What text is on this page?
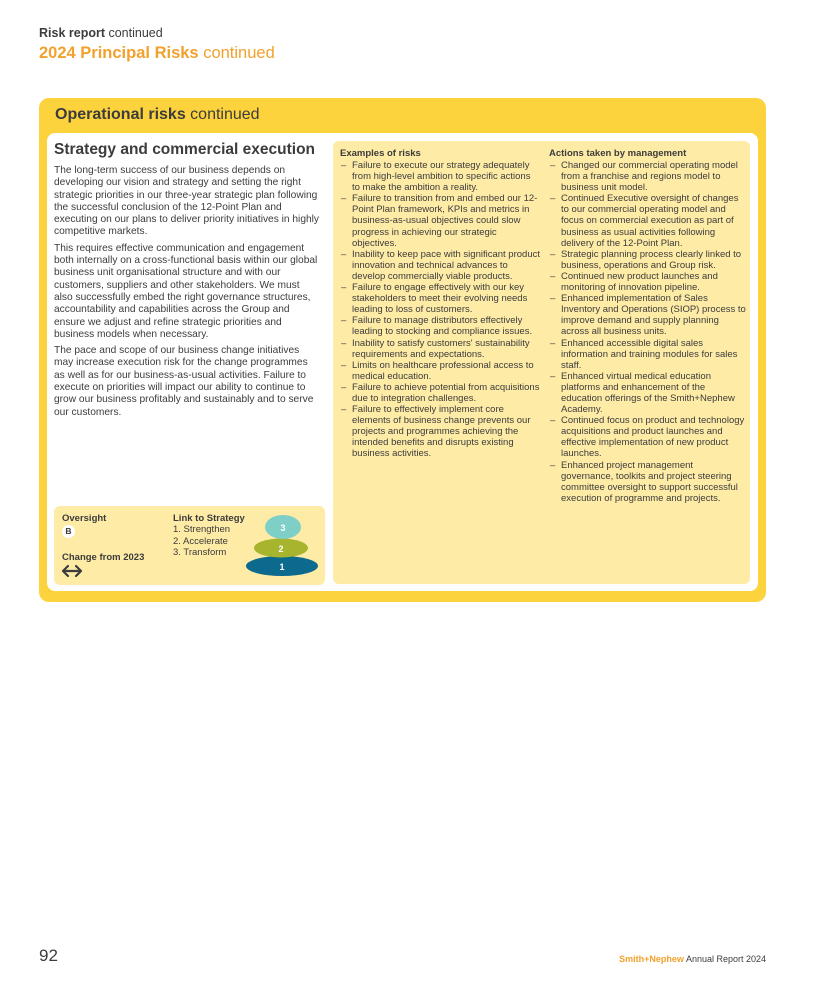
Risk report continued
2024 Principal Risks continued
Operational risks continued
Strategy and commercial execution

The long-term success of our business depends on developing our vision and strategy and setting the right strategic priorities in our three-year strategic plan following the successful conclusion of the 12-Point Plan and executing on our plans to deliver priority initiatives in highly competitive markets.

This requires effective communication and engagement both internally on a cross-functional basis within our global business unit organisational structure and with our customers, suppliers and other stakeholders. We must also successfully embed the right governance structures, accountability and capabilities across the Group and ensure we adjust and refine strategic priorities and business models when necessary.

The pace and scope of our business change initiatives may increase execution risk for the change programmes as well as for our business-as-usual activities. Failure to execute on priorities will impact our ability to continue to grow our business profitably and sustainably and to serve our customers.

Oversight
B
Change from 2023
Link to Strategy
1. Strengthen
2. Accelerate
3. Transform
1
2
3
Examples of risks
– Failure to execute our strategy adequately from high-level ambition to specific actions to make the ambition a reality.
– Failure to transition from and embed our 12-Point Plan framework, KPIs and metrics in business-as-usual objectives could slow progress in achieving our strategic objectives.
– Inability to keep pace with significant product innovation and technical advances to develop commercially viable products.
– Failure to engage effectively with our key stakeholders to meet their evolving needs leading to loss of customers.
– Failure to manage distributors effectively leading to stocking and compliance issues.
– Inability to satisfy customers' sustainability requirements and expectations.
– Limits on healthcare professional access to medical education.
– Failure to achieve potential from acquisitions due to integration challenges.
– Failure to effectively implement core elements of business change prevents our projects and programmes achieving the intended benefits and disrupts existing business activities.
Actions taken by management
– Changed our commercial operating model from a franchise and regions model to business unit model.
– Continued Executive oversight of changes to our commercial operating model and focus on commercial execution as part of business as usual activities following delivery of the 12-Point Plan.
– Strategic planning process clearly linked to business, operations and Group risk.
– Continued new product launches and monitoring of innovation pipeline.
– Enhanced implementation of Sales Inventory and Operations (SIOP) process to improve demand and supply planning across all business units.
– Enhanced accessible digital sales information and training modules for sales staff.
– Enhanced virtual medical education platforms and enhancement of the education offerings of the Smith+Nephew Academy.
– Continued focus on product and technology acquisitions and product launches and effective implementation of new product launches.
– Enhanced project management governance, toolkits and project steering committee oversight to support successful execution of programme and projects.
92	Smith+Nephew Annual Report 2024
